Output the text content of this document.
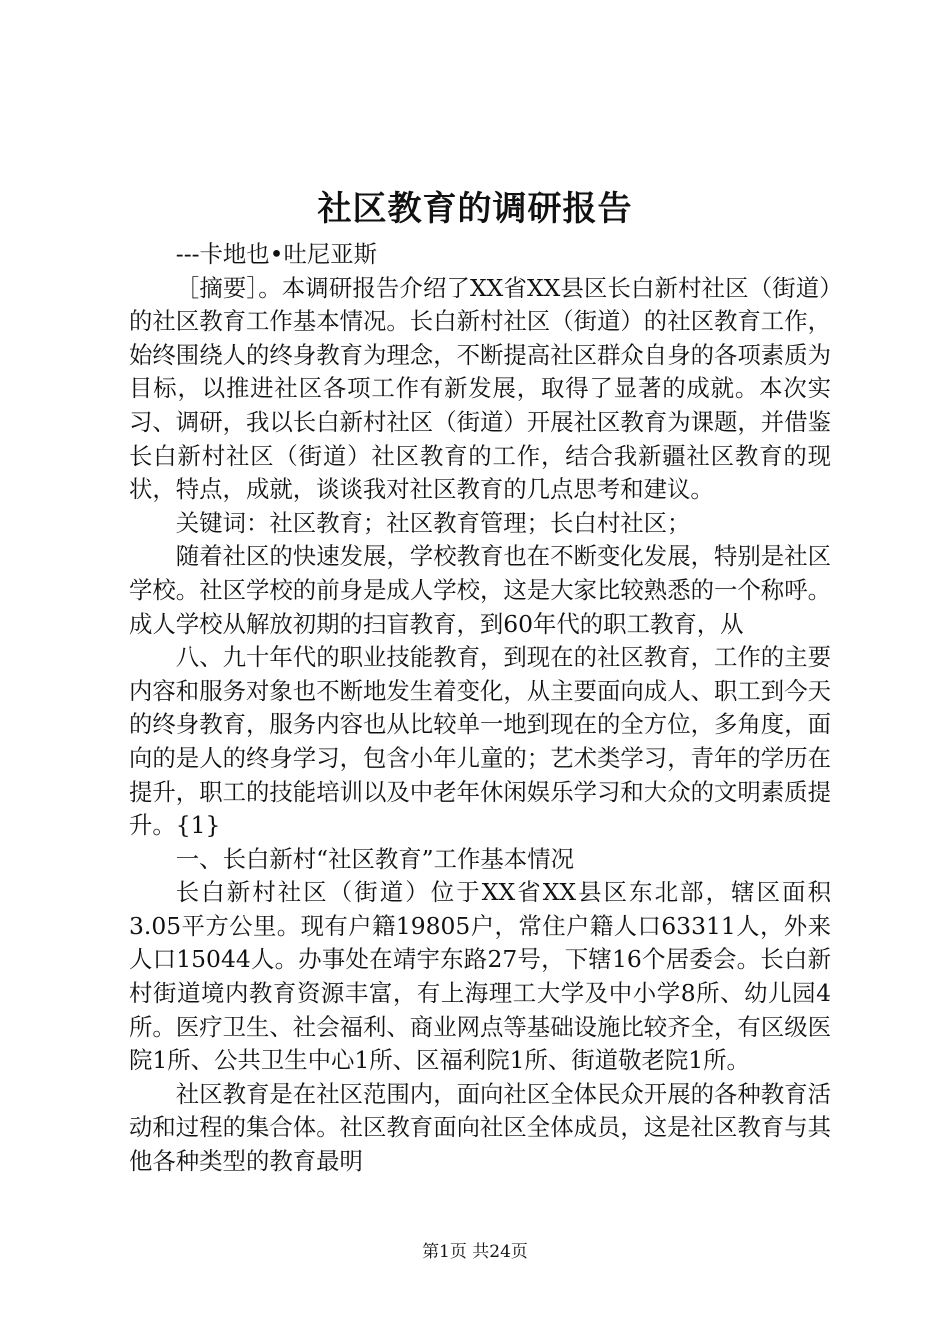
社区教育的调研报告

---卡地也•吐尼亚斯

［摘要］。本调研报告介绍了XX省XX县区长白新村社区（街道）的社区教育工作基本情况。长白新村社区（街道）的社区教育工作，始终围绕人的终身教育为理念，不断提高社区群众自身的各项素质为目标，以推进社区各项工作有新发展，取得了显著的成就。本次实习、调研，我以长白新村社区（街道）开展社区教育为课题，并借鉴长白新村社区（街道）社区教育的工作，结合我新疆社区教育的现状，特点，成就，谈谈我对社区教育的几点思考和建议。

关键词：社区教育；社区教育管理；长白村社区；

随着社区的快速发展，学校教育也在不断变化发展，特别是社区学校。社区学校的前身是成人学校，这是大家比较熟悉的一个称呼。成人学校从解放初期的扫盲教育，到60年代的职工教育，从

八、九十年代的职业技能教育，到现在的社区教育，工作的主要内容和服务对象也不断地发生着变化，从主要面向成人、职工到今天的终身教育，服务内容也从比较单一地到现在的全方位，多角度，面向的是人的终身学习，包含小年儿童的；艺术类学习，青年的学历在提升，职工的技能培训以及中老年休闲娱乐学习和大众的文明素质提升。{1}

一、长白新村“社区教育”工作基本情况

长白新村社区（街道）位于XX省XX县区东北部，辖区面积3.05平方公里。现有户籍19805户，常住户籍人口63311人，外来人口15044人。办事处在靖宇东路27号，下辖16个居委会。长白新村街道境内教育资源丰富，有上海理工大学及中小学8所、幼儿园4所。医疗卫生、社会福利、商业网点等基础设施比较齐全，有区级医院1所、公共卫生中心1所、区福利院1所、街道敬老院1所。

社区教育是在社区范围内，面向社区全体民众开展的各种教育活动和过程的集合体。社区教育面向社区全体成员，这是社区教育与其他各种类型的教育最明

第1页 共24页
